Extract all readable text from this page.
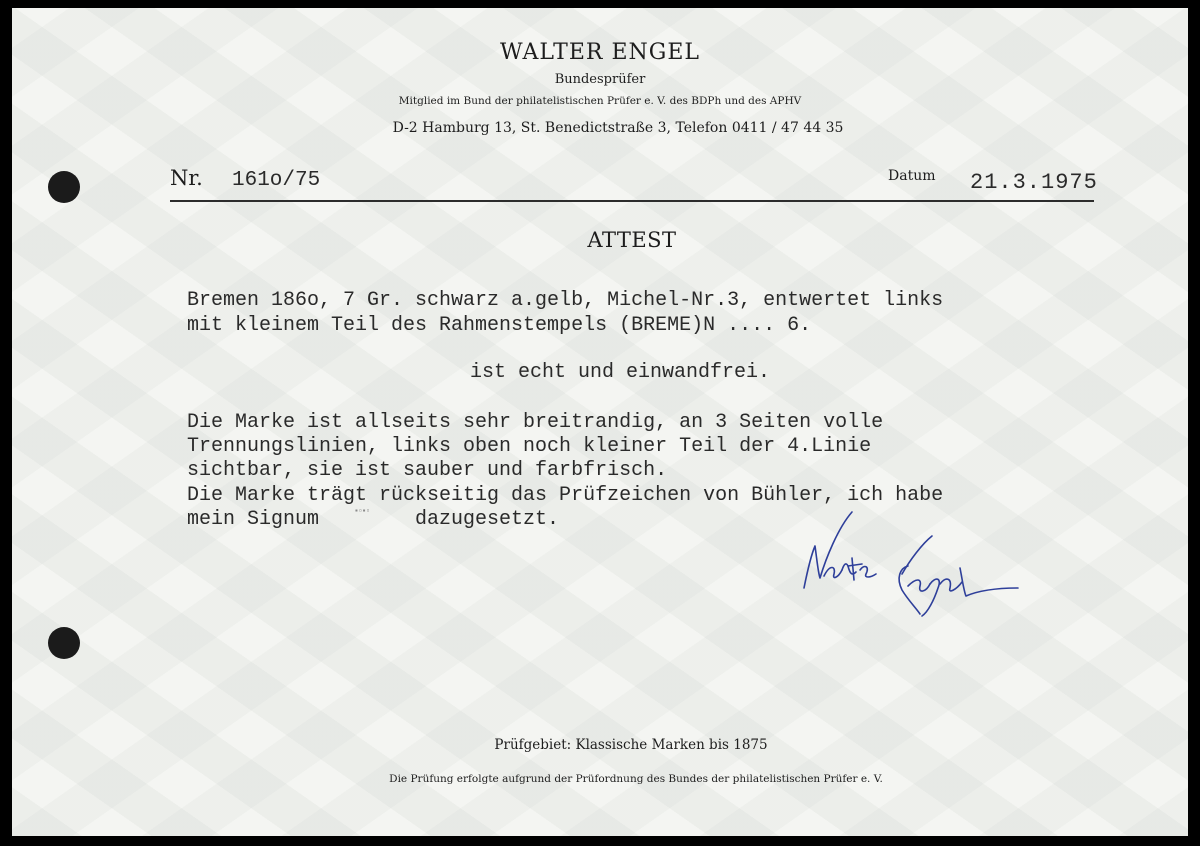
WALTER ENGEL
Bundesprüfer
Mitglied im Bund der philatelistischen Prüfer e. V. des BDPh und des APHV
D-2 Hamburg 13, St. Benedictstraße 3, Telefon 0411 / 47 44 35
Nr. 161o/75	Datum 21.3.1975
ATTEST
Bremen 186o, 7 Gr. schwarz a.gelb, Michel-Nr.3, entwertet links
mit kleinem Teil des Rahmenstempels (BREME)N .... 6.
ist echt und einwandfrei.
Die Marke ist allseits sehr breitrandig, an 3 Seiten volle
Trennungslinien, links oben noch kleiner Teil der 4.Linie
sichtbar, sie ist sauber und farbfrisch.
Die Marke trägt rückseitig das Prüfzeichen von Bühler, ich habe
mein Signum	▪▫▪▫ dazugesetzt.
Prüfgebiet: Klassische Marken bis 1875
Die Prüfung erfolgte aufgrund der Prüfordnung des Bundes der philatelistischen Prüfer e. V.
